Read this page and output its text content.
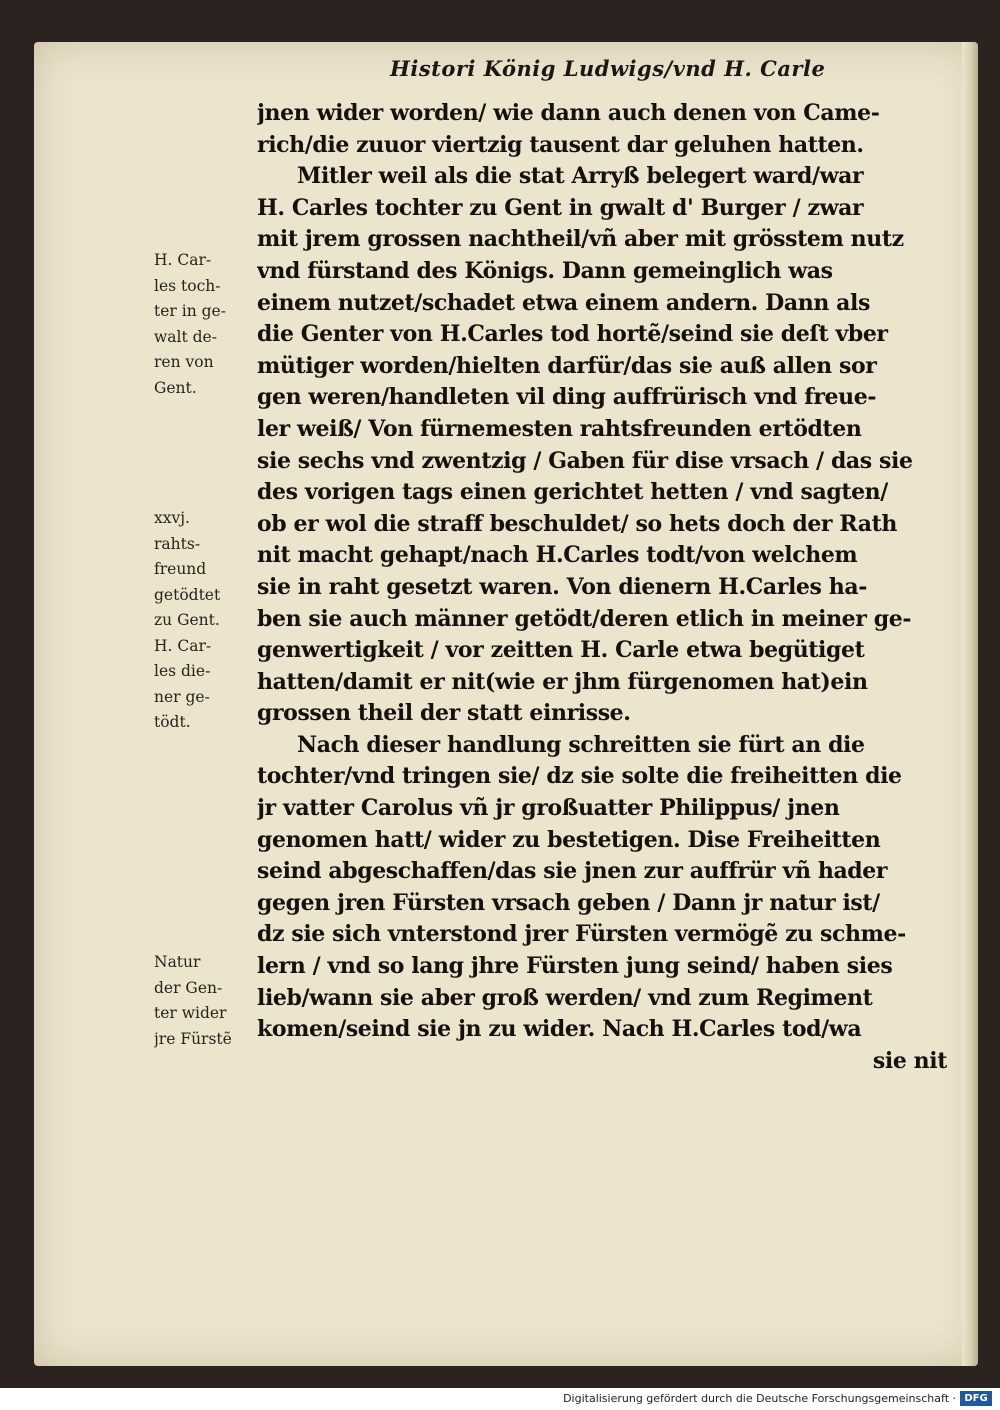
Histori König Ludwigs/vnd H. Carle
jnen wider worden/ wie dann auch denen von Came-
rich/die zuuor viertzig tausent dar geluhen hatten.
Mitler weil als die stat Arryß belegert ward/war
H. Carles tochter zu Gent in gwalt d' Burger / zwar
mit jrem grossen nachtheil/vñ aber mit grösstem nutz
vnd fürstand des Königs. Dann gemeinglich was
einem nutzet/schadet etwa einem andern. Dann als
die Genter von H.Carles tod hortẽ/seind sie deſt vber
mütiger worden/hielten darfür/das sie auß allen sor
gen weren/handleten vil ding auffrürisch vnd freue-
ler weiß/ Von fürnemesten rahtsfreunden ertödten
sie sechs vnd zwentzig / Gaben für dise vrsach / das sie
des vorigen tags einen gerichtet hetten / vnd sagten/
ob er wol die straff beschuldet/ so hets doch der Rath
nit macht gehapt/nach H.Carles todt/von welchem
sie in raht gesetzt waren. Von dienern H.Carles ha-
ben sie auch männer getödt/deren etlich in meiner ge-
genwertigkeit / vor zeitten H. Carle etwa begütiget
hatten/damit er nit(wie er jhm fürgenomen hat)ein
grossen theil der statt einrisse.
Nach dieser handlung schreitten sie fürt an die
tochter/vnd tringen sie/ dz sie solte die freiheitten die
jr vatter Carolus vñ jr großuatter Philippus/ jnen
genomen hatt/ wider zu bestetigen. Dise Freiheitten
seind abgeschaffen/das sie jnen zur auffrür vñ hader
gegen jren Fürsten vrsach geben / Dann jr natur ist/
dz sie sich vnterstond jrer Fürsten vermögẽ zu schme-
lern / vnd so lang jhre Fürsten jung seind/ haben sies
lieb/wann sie aber groß werden/ vnd zum Regiment
komen/seind sie jn zu wider. Nach H.Carles tod/wa
sie nit
H. Car-
les toch-
ter in ge-
walt de-
ren von
Gent.
xxvj.
rahts-
freund
getödtet
zu Gent.
H. Car-
les die-
ner ge-
tödt.
Natur
der Gen-
ter wider
jre Fürstẽ
Digitalisierung gefördert durch die Deutsche Forschungsgemeinschaft · DFG
